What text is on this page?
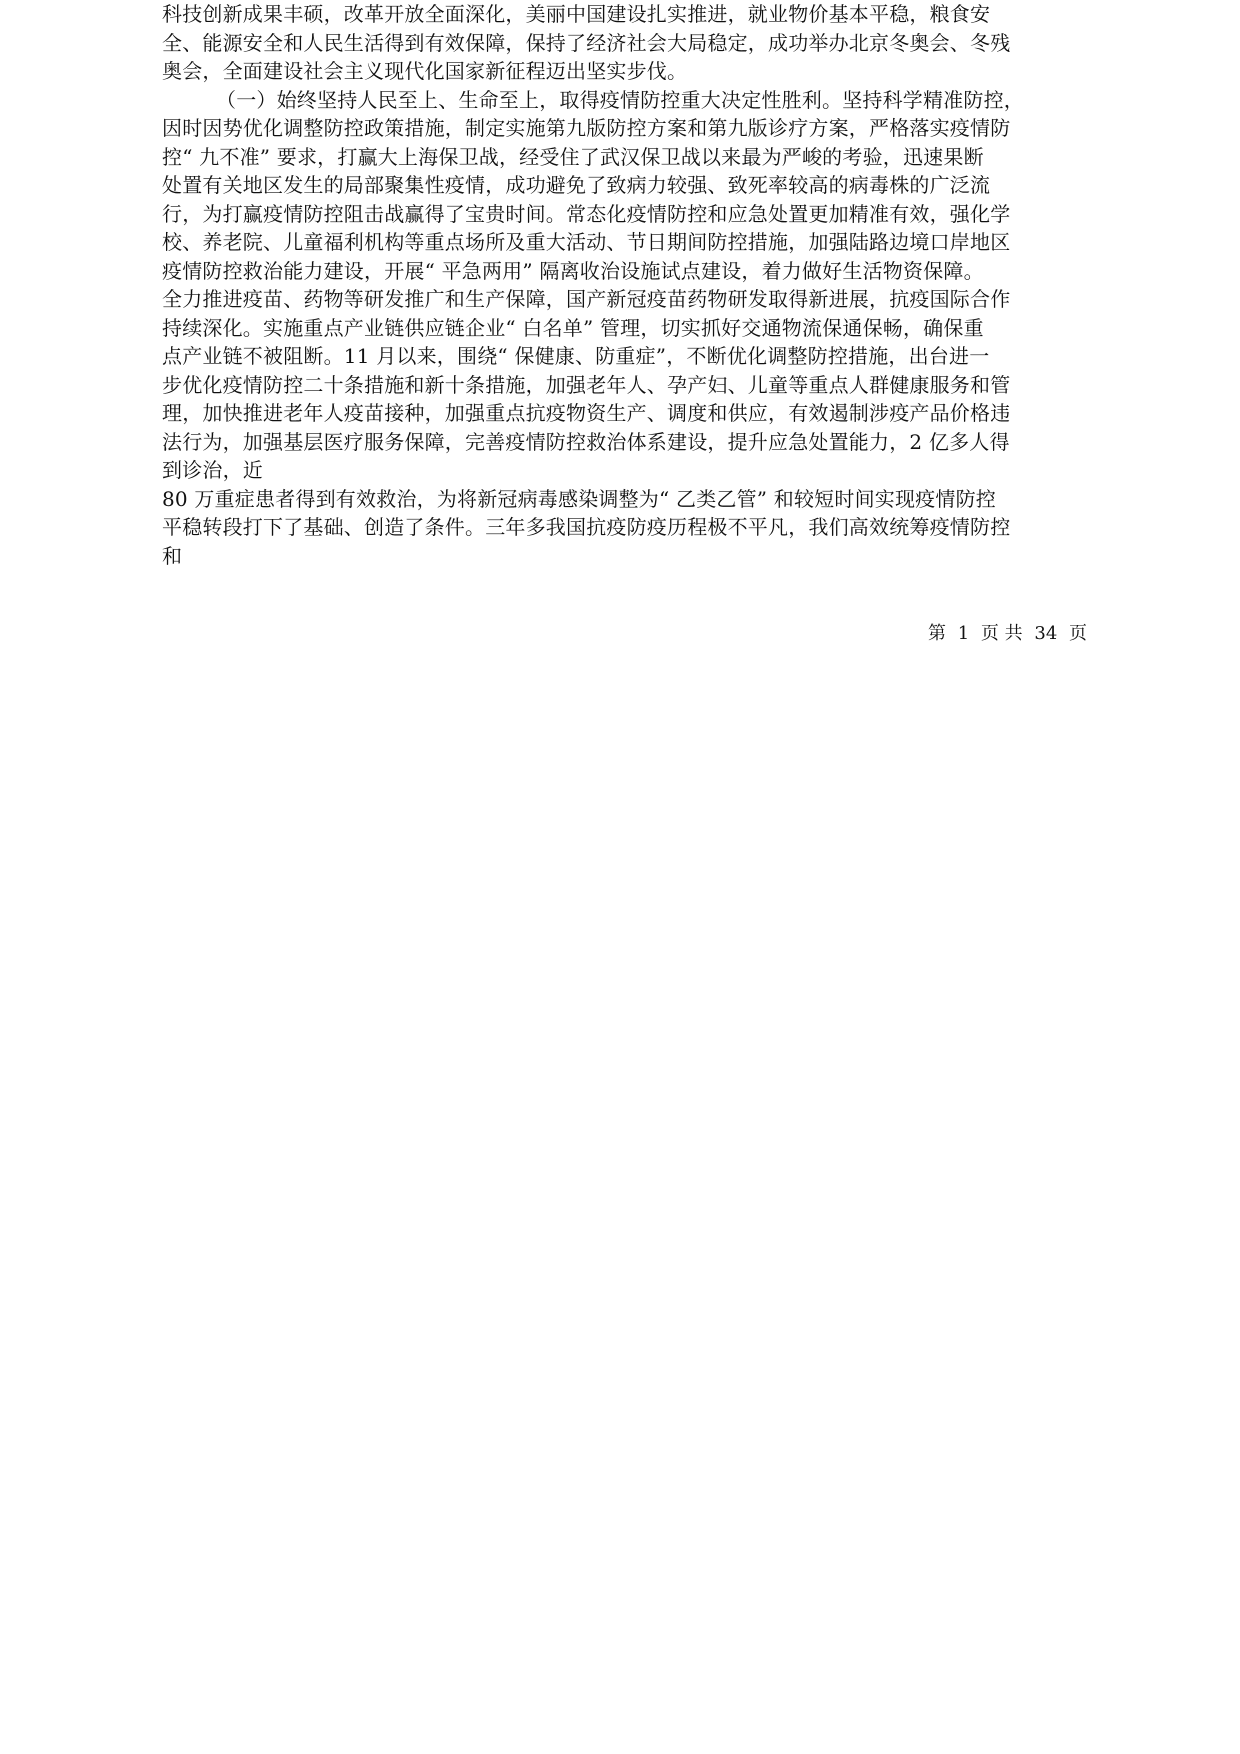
科技创新成果丰硕，改革开放全面深化，美丽中国建设扎实推进，就业物价基本平稳，粮食安
全、能源安全和人民生活得到有效保障，保持了经济社会大局稳定，成功举办北京冬奥会、冬残
奥会，全面建设社会主义现代化国家新征程迈出坚实步伐。
（一）始终坚持人民至上、生命至上，取得疫情防控重大决定性胜利。坚持科学精准防控，
因时因势优化调整防控政策措施，制定实施第九版防控方案和第九版诊疗方案，严格落实疫情防
控“ 九不准” 要求，打赢大上海保卫战，经受住了武汉保卫战以来最为严峻的考验，迅速果断
处置有关地区发生的局部聚集性疫情，成功避免了致病力较强、致死率较高的病毒株的广泛流
行，为打赢疫情防控阻击战赢得了宝贵时间。常态化疫情防控和应急处置更加精准有效，强化学
校、养老院、儿童福利机构等重点场所及重大活动、节日期间防控措施，加强陆路边境口岸地区
疫情防控救治能力建设，开展“ 平急两用” 隔离收治设施试点建设，着力做好生活物资保障。
全力推进疫苗、药物等研发推广和生产保障，国产新冠疫苗药物研发取得新进展，抗疫国际合作
持续深化。实施重点产业链供应链企业“ 白名单” 管理，切实抓好交通物流保通保畅，确保重
点产业链不被阻断。11 月以来，围绕“ 保健康、防重症”，不断优化调整防控措施，出台进一
步优化疫情防控二十条措施和新十条措施，加强老年人、孕产妇、儿童等重点人群健康服务和管
理，加快推进老年人疫苗接种，加强重点抗疫物资生产、调度和供应，有效遏制涉疫产品价格违
法行为，加强基层医疗服务保障，完善疫情防控救治体系建设，提升应急处置能力，2 亿多人得
到诊治，近
80 万重症患者得到有效救治，为将新冠病毒感染调整为“ 乙类乙管” 和较短时间实现疫情防控
平稳转段打下了基础、创造了条件。三年多我国抗疫防疫历程极不平凡，我们高效统筹疫情防控
和
第 1 页 共 34 页
